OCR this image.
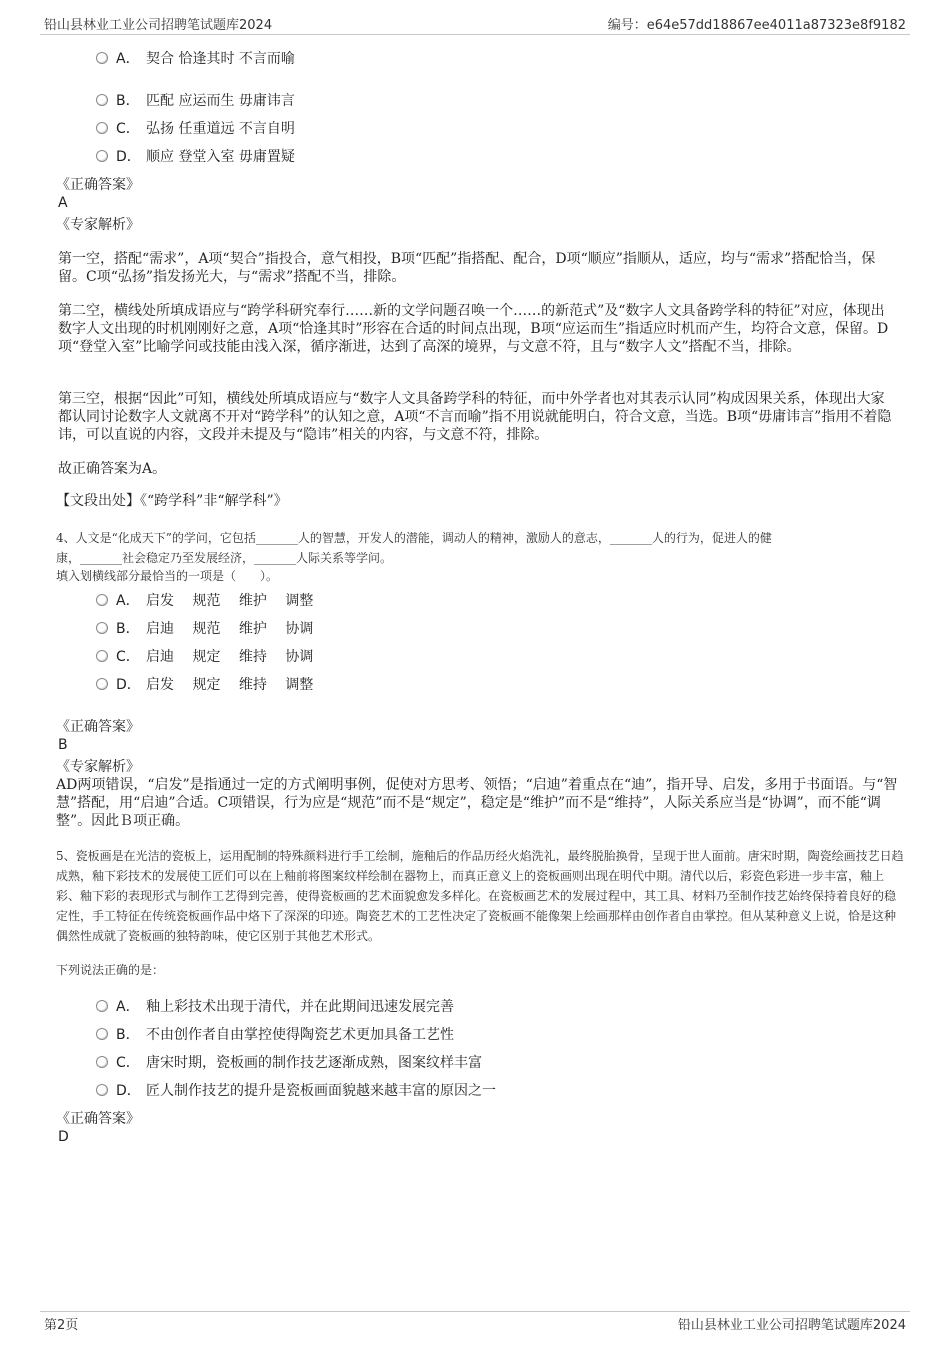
铅山县林业工业公司招聘笔试题库2024	编号：e64e57dd18867ee4011a87323e8f9182
A． 契合 恰逢其时 不言而喻
B． 匹配 应运而生 毋庸讳言
C． 弘扬 任重道远 不言自明
D． 顺应 登堂入室 毋庸置疑
《正确答案》
A
《专家解析》
第一空，搭配“需求”，A项“契合”指投合，意气相投，B项“匹配”指搭配、配合，D项“顺应”指顺从，适应，均与“需求”搭配恰当，保留。C项“弘扬”指发扬光大，与“需求”搭配不当，排除。
第二空，横线处所填成语应与“跨学科研究奉行……新的文学问题召唤一个……的新范式”及“数字人文具备跨学科的特征”对应，体现出数字人文出现的时机刚刚好之意，A项“恰逢其时”形容在合适的时间点出现，B项“应运而生”指适应时机而产生，均符合文意，保留。D项“登堂入室”比喻学问或技能由浅入深，循序渐进，达到了高深的境界，与文意不符，且与“数字人文”搭配不当，排除。
第三空，根据“因此”可知，横线处所填成语应与“数字人文具备跨学科的特征，而中外学者也对其表示认同”构成因果关系，体现出大家都认同讨论数字人文就离不开对“跨学科”的认知之意，A项“不言而喻”指不用说就能明白，符合文意，当选。B项“毋庸讳言”指用不着隐讳，可以直说的内容，文段并未提及与“隐讳”相关的内容，与文意不符，排除。
故正确答案为A。
【文段出处】《“跨学科”非“解学科”》
4、人文是“化成天下”的学问，它包括_______人的智慧，开发人的潜能，调动人的精神，激励人的意志，_______人的行为，促进人的健
康，_______社会稳定乃至发展经济，_______人际关系等学问。
填入划横线部分最恰当的一项是（　　）。
A． 启发　 规范　 维护　 调整
B． 启迪　 规范　 维护　 协调
C． 启迪　 规定　 维持　 协调
D． 启发　 规定　 维持　 调整
《正确答案》
B
《专家解析》
AD两项错误，“启发”是指通过一定的方式阐明事例，促使对方思考、领悟；“启迪”着重点在“迪”，指开导、启发，多用于书面语。与“智慧”搭配，用“启迪”合适。C项错误，行为应是“规范”而不是“规定”，稳定是“维护”而不是“维持”，人际关系应当是“协调”，而不能“调整”。因此Ｂ项正确。
5、瓷板画是在光洁的瓷板上，运用配制的特殊颜料进行手工绘制，施釉后的作品历经火焰洗礼，最终脱胎换骨，呈现于世人面前。唐宋时期，陶瓷绘画技艺日趋成熟，釉下彩技术的发展使工匠们可以在上釉前将图案纹样绘制在器物上，而真正意义上的瓷板画则出现在明代中期。清代以后，彩瓷色彩进一步丰富，釉上彩、釉下彩的表现形式与制作工艺得到完善，使得瓷板画的艺术面貌愈发多样化。在瓷板画艺术的发展过程中，其工具、材料乃至制作技艺始终保持着良好的稳定性，手工特征在传统瓷板画作品中烙下了深深的印迹。陶瓷艺术的工艺性决定了瓷板画不能像架上绘画那样由创作者自由掌控。但从某种意义上说，恰是这种偶然性成就了瓷板画的独特韵味，使它区别于其他艺术形式。
下列说法正确的是：
A． 釉上彩技术出现于清代，并在此期间迅速发展完善
B． 不由创作者自由掌控使得陶瓷艺术更加具备工艺性
C． 唐宋时期，瓷板画的制作技艺逐渐成熟，图案纹样丰富
D． 匠人制作技艺的提升是瓷板画面貌越来越丰富的原因之一
《正确答案》
D
第2页	铅山县林业工业公司招聘笔试题库2024
